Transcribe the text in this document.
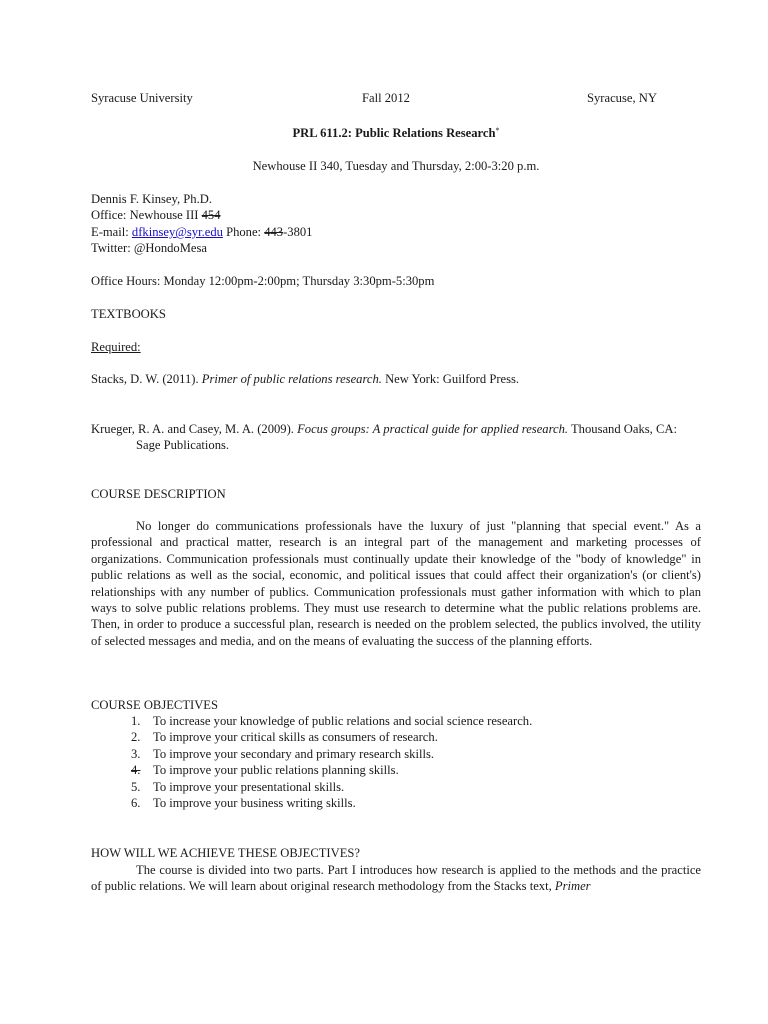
Syracuse University	Fall 2012	Syracuse, NY
PRL 611.2: Public Relations Research*
Newhouse II 340, Tuesday and Thursday, 2:00-3:20 p.m.
Dennis F. Kinsey, Ph.D.
Office: Newhouse III 454
E-mail: dfkinsey@syr.edu Phone: 443-3801
Twitter: @HondoMesa
Office Hours: Monday 12:00pm-2:00pm; Thursday 3:30pm-5:30pm
TEXTBOOKS
Required:
Stacks, D. W. (2011). Primer of public relations research. New York: Guilford Press.
Krueger, R. A. and Casey, M. A. (2009). Focus groups: A practical guide for applied research. Thousand Oaks, CA: Sage Publications.
COURSE DESCRIPTION
No longer do communications professionals have the luxury of just "planning that special event." As a professional and practical matter, research is an integral part of the management and marketing processes of organizations. Communication professionals must continually update their knowledge of the "body of knowledge" in public relations as well as the social, economic, and political issues that could affect their organization's (or client's) relationships with any number of publics. Communication professionals must gather information with which to plan ways to solve public relations problems. They must use research to determine what the public relations problems are. Then, in order to produce a successful plan, research is needed on the problem selected, the publics involved, the utility of selected messages and media, and on the means of evaluating the success of the planning efforts.
COURSE OBJECTIVES
1. To increase your knowledge of public relations and social science research.
2. To improve your critical skills as consumers of research.
3. To improve your secondary and primary research skills.
4. To improve your public relations planning skills.
5. To improve your presentational skills.
6. To improve your business writing skills.
HOW WILL WE ACHIEVE THESE OBJECTIVES?
The course is divided into two parts. Part I introduces how research is applied to the methods and the practice of public relations. We will learn about original research methodology from the Stacks text, Primer
